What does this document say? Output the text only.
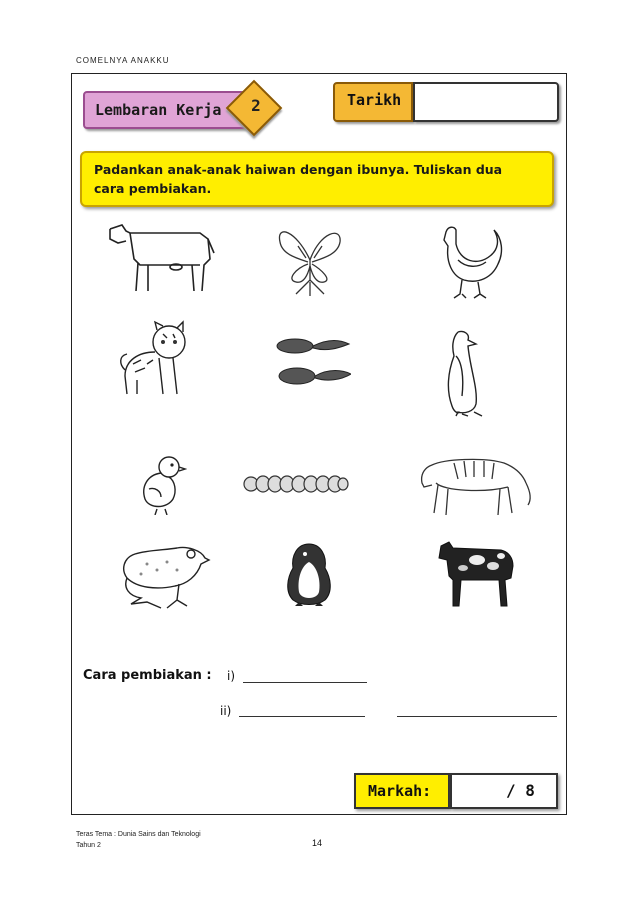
COMELNYA ANAKKU
Lembaran Kerja	2	Tarikh
Padankan anak-anak haiwan dengan ibunya. Tuliskan dua cara pembiakan.
Cara pembiakan : i)
ii)
Markah:	/ 8
Teras Tema : Dunia Sains dan Teknologi
Tahun 2	14
